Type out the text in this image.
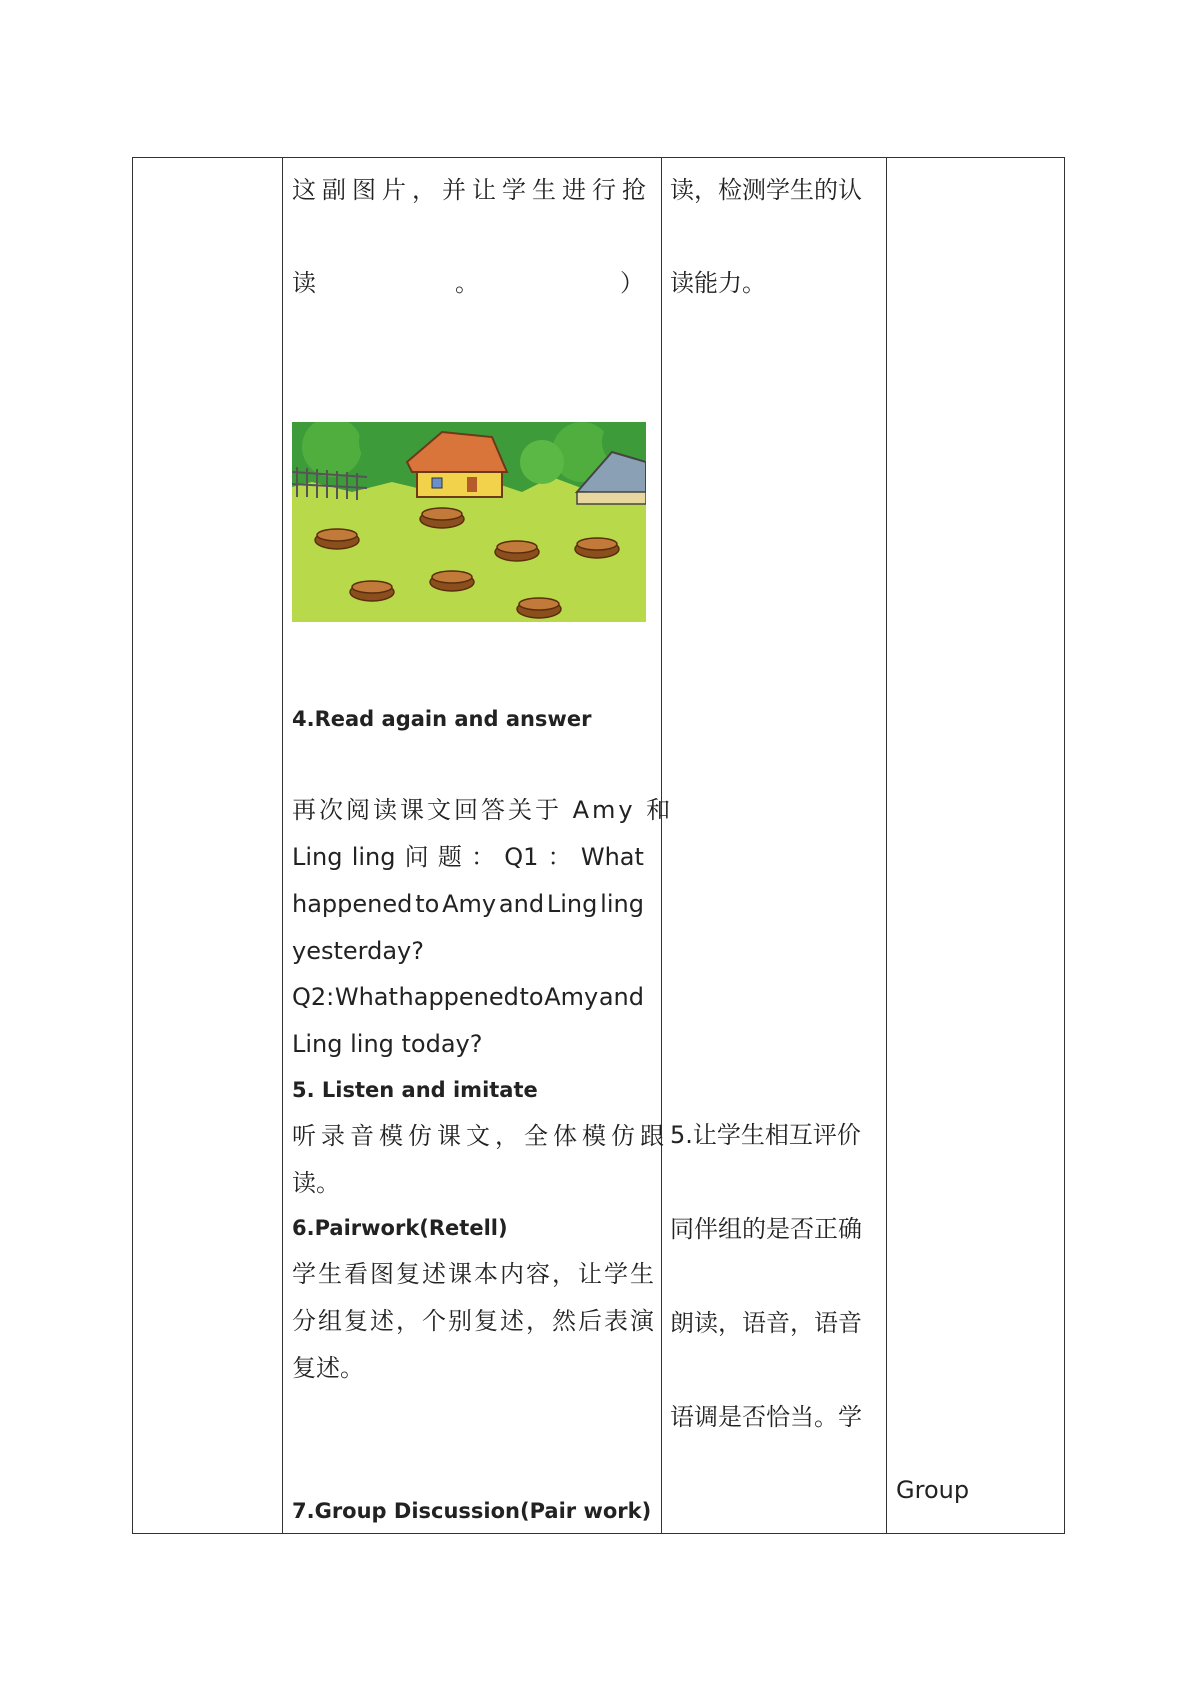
这副图片，并让学生进行抢
读	。	）
4.Read again and answer
再次阅读课文回答关于 Amy 和
Ling ling 问 题 ： Q1 ： What
happened to Amy and Ling ling
yesterday?
Q2: What happened to Amy and
Ling ling today?
5. Listen and imitate
听录音模仿课文，全体模仿跟
读。
6.Pairwork(Retell)
学生看图复述课本内容，让学生
分组复述，个别复述，然后表演
复述。
7.Group Discussion(Pair work)
读，检测学生的认
读能力。
5.让学生相互评价
同伴组的是否正确
朗读，语音，语音
语调是否恰当。学
Group
